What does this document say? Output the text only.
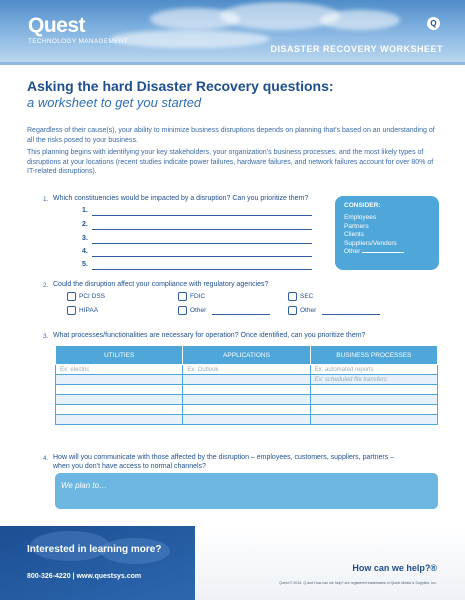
Quest
TECHNOLOGY MANAGEMENT
Q
DISASTER RECOVERY WORKSHEET
Asking the hard Disaster Recovery questions:
a worksheet to get you started
Regardless of their cause(s), your ability to minimize business disruptions depends on planning that’s based on an understanding of all the risks posed to your business.
This planning begins with identifying your key stakeholders, your organization’s business processes, and the most likely types of disruptions at your locations (recent studies indicate power failures, hardware failures, and network failures account for over 80% of IT-related disruptions).
1. Which constituencies would be impacted by a disruption? Can you prioritize them?
1.
2.
3.
4.
5.
CONSIDER:
Employees
Partners
Clients
Suppliers/Vendors
Other
2. Could the disruption affect your compliance with regulatory agencies?
PCI DSS	FDIC	SEC
HIPAA	Other	Other
3. What processes/functionalities are necessary for operation? Once identified, can you prioritize them?
UTILITIES	APPLICATIONS	BUSINESS PROCESSES
Ex: electric	Ex: Outlook	Ex: automated reports
		Ex: scheduled file transfers

4. How will you communicate with those affected by the disruption – employees, customers, suppliers, partners –
when you don’t have access to normal channels?
We plan to…
Interested in learning more?
800-326-4220 | www.questsys.com
How can we help?®
Quest © 2014. Q and How can we help? are registered trademarks of Quest Media & Supplies, Inc.
